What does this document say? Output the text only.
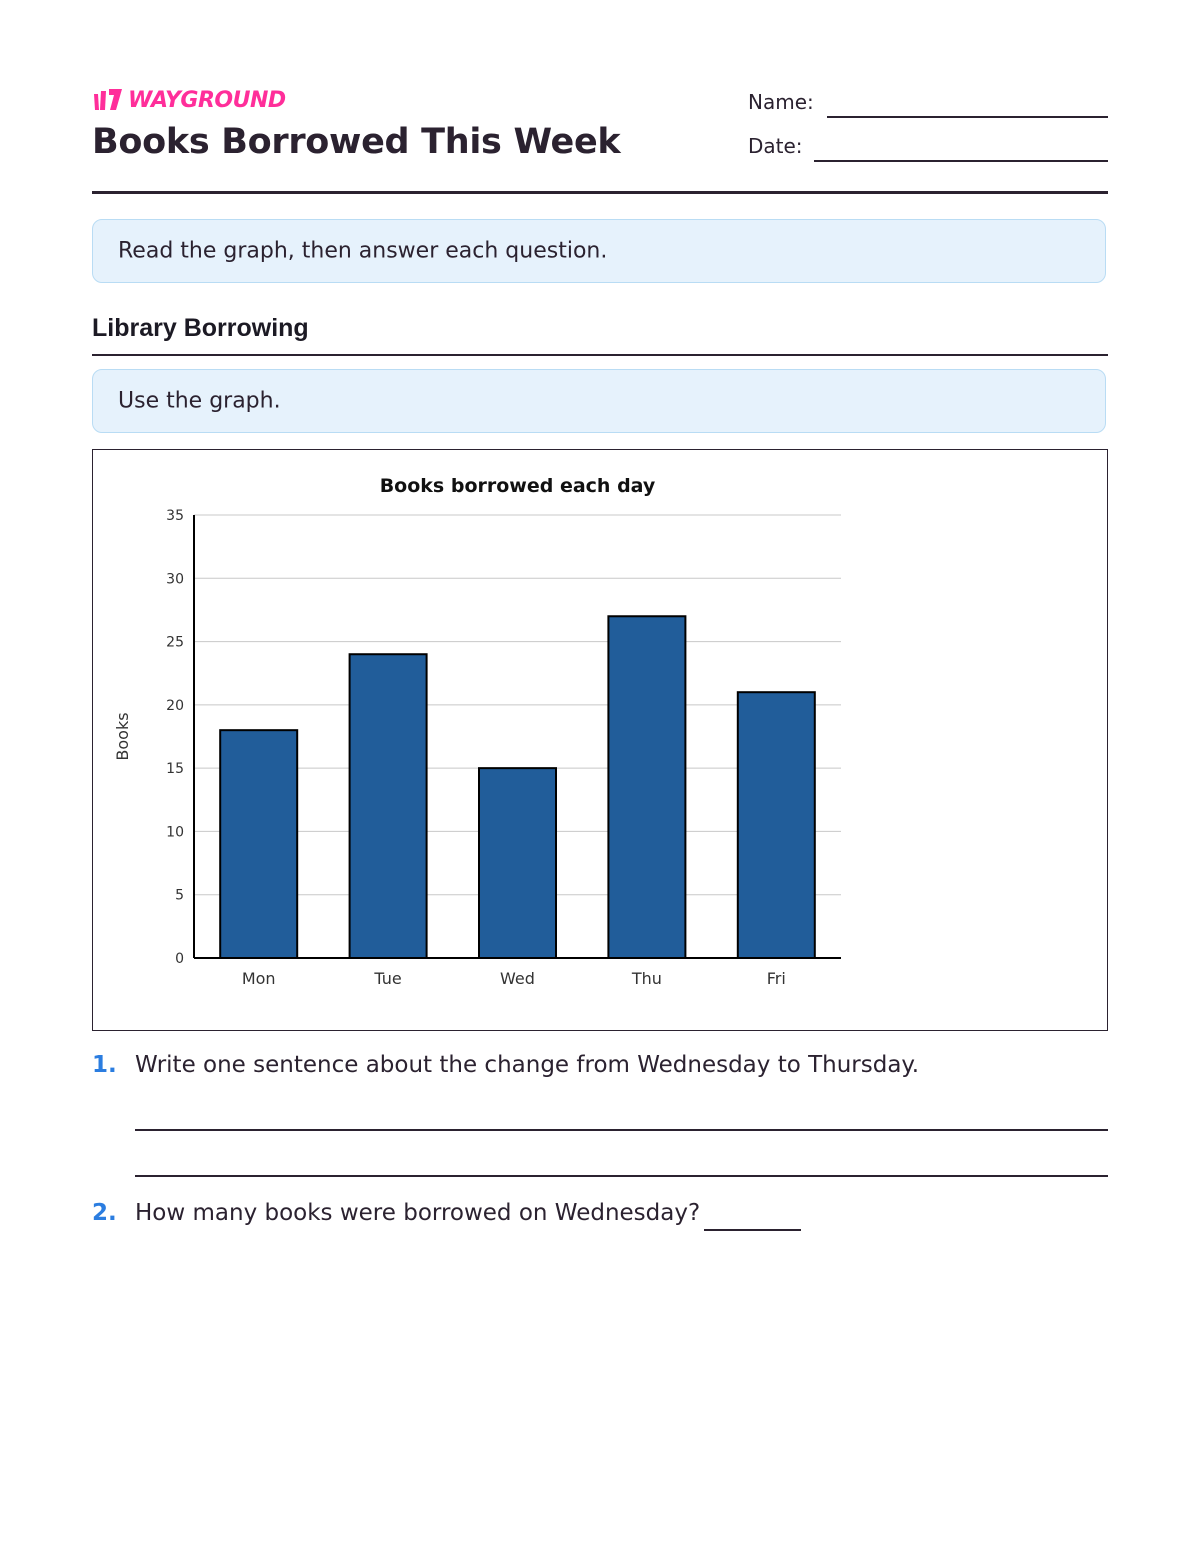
WAYGROUND
Books Borrowed This Week
Name:
Date:
Read the graph, then answer each question.
Library Borrowing
Use the graph.
0
5
10
15
20
25
30
35
Mon	Tue	Wed	Thu	Fri
Books borrowed each day
Books
1. Write one sentence about the change from Wednesday to Thursday.
2. How many books were borrowed on Wednesday?
